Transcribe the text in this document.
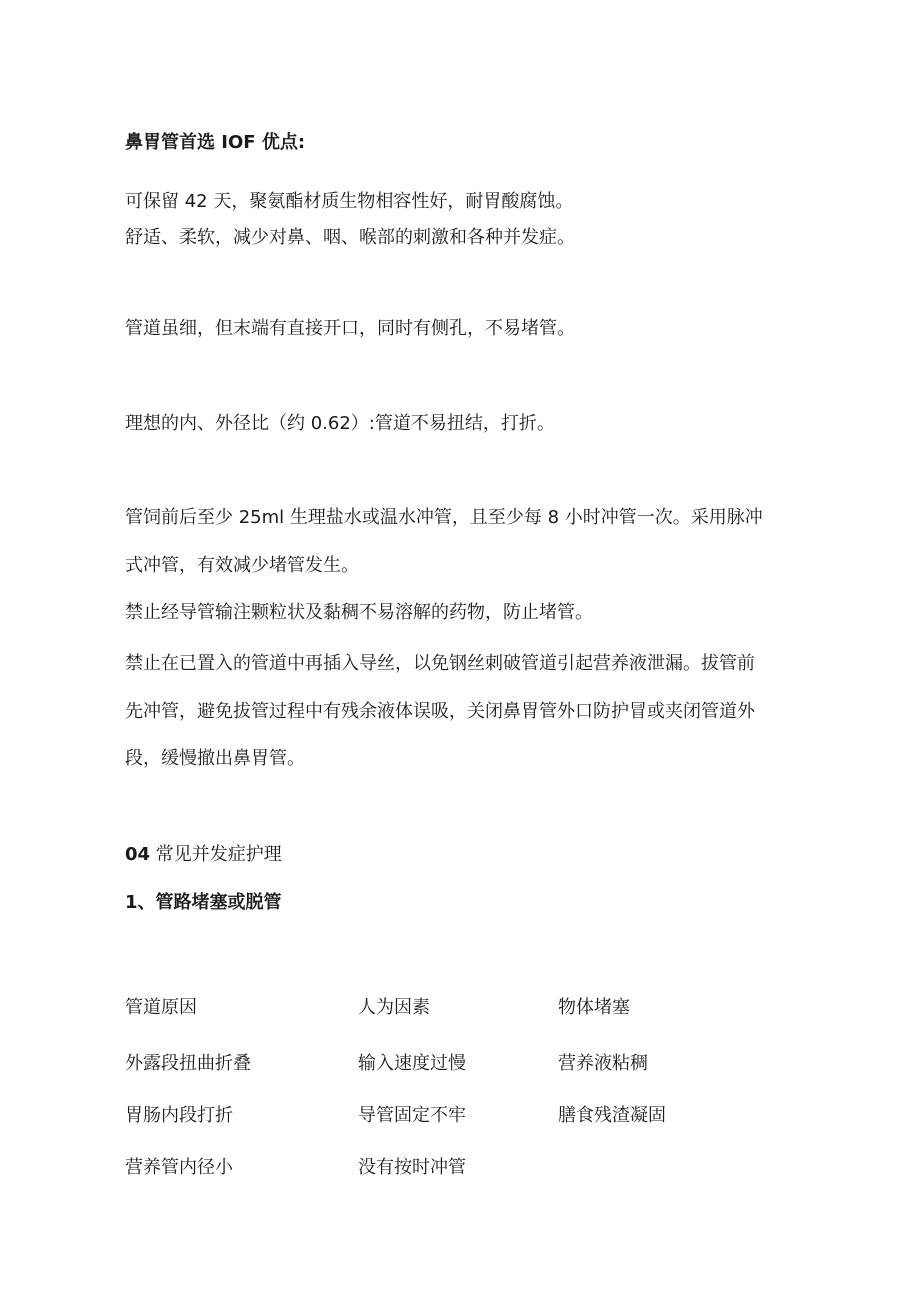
鼻胃管首选 IOF 优点:

可保留 42 天，聚氨酯材质生物相容性好，耐胃酸腐蚀。

舒适、柔软，减少对鼻、咽、喉部的刺激和各种并发症。

管道虽细，但末端有直接开口，同时有侧孔，不易堵管。

理想的内、外径比（约 0.62）:管道不易扭结，打折。

管饲前后至少 25ml 生理盐水或温水冲管，且至少每 8 小时冲管一次。采用脉冲

式冲管，有效减少堵管发生。

禁止经导管输注颗粒状及黏稠不易溶解的药物，防止堵管。

禁止在已置入的管道中再插入导丝，以免钢丝刺破管道引起营养液泄漏。拔管前

先冲管，避免拔管过程中有残余液体误吸，关闭鼻胃管外口防护冒或夹闭管道外

段，缓慢撤出鼻胃管。

04 常见并发症护理

1、管路堵塞或脱管

管道原因	人为因素	物体堵塞

外露段扭曲折叠	输入速度过慢	营养液粘稠

胃肠内段打折	导管固定不牢	膳食残渣凝固

营养管内径小	没有按时冲管
